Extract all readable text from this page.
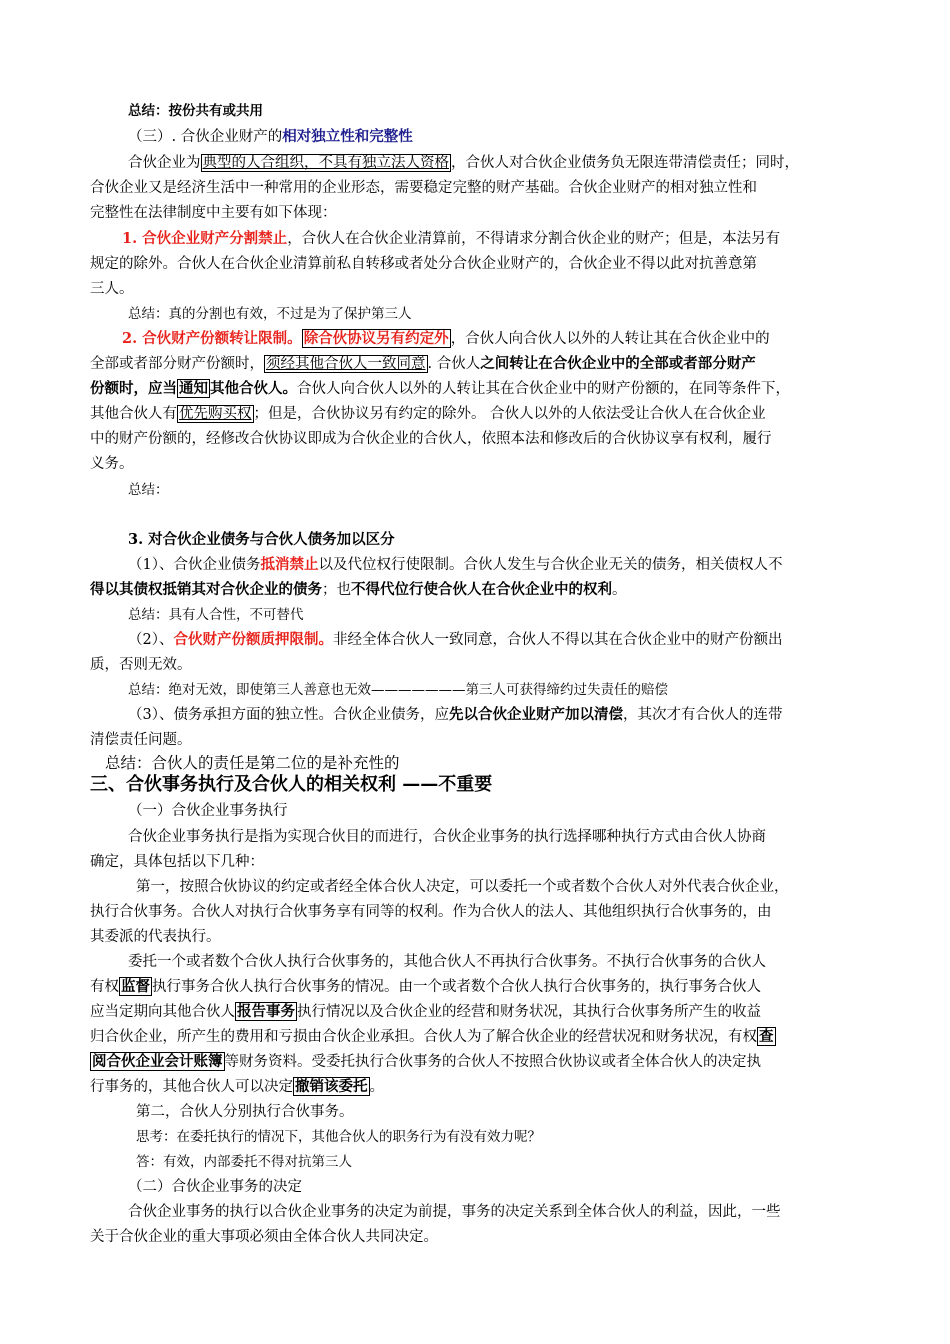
总结：按份共有或共用
（三）. 合伙企业财产的相对独立性和完整性
合伙企业为 典型的人合组织，不具有独立法人资格 ，合伙人对合伙企业债务负无限连带清偿责任；同时，
合伙企业又是经济生活中一种常用的企业形态，需要稳定完整的财产基础。合伙企业财产的相对独立性和
完整性在法律制度中主要有如下体现：
1. 合伙企业财产分割禁止，合伙人在合伙企业清算前，不得请求分割合伙企业的财产；但是，本法另有
规定的除外。合伙人在合伙企业清算前私自转移或者处分合伙企业财产的，合伙企业不得以此对抗善意第
三人。
总结：真的分割也有效，不过是为了保护第三人
2. 合伙财产份额转让限制。 除合伙协议另有约定外 ，合伙人向合伙人以外的人转让其在合伙企业中的
全部或者部分财产份额时， 须经其他合伙人一致同意 . 合伙人之间转让在合伙企业中的全部或者部分财产
份额时，应当 通知 其他合伙人。合伙人向合伙人以外的人转让其在合伙企业中的财产份额的，在同等条件下，
其他合伙人有 优先购买权 ；但是，合伙协议另有约定的除外。 合伙人以外的人依法受让合伙人在合伙企业
中的财产份额的，经修改合伙协议即成为合伙企业的合伙人，依照本法和修改后的合伙协议享有权利，履行
义务。
总结：
3. 对合伙企业债务与合伙人债务加以区分
（1）、合伙企业债务抵消禁止以及代位权行使限制。合伙人发生与合伙企业无关的债务，相关债权人不
得以其债权抵销其对合伙企业的债务；也不得代位行使合伙人在合伙企业中的权利。
总结：具有人合性，不可替代
（2）、合伙财产份额质押限制。非经全体合伙人一致同意，合伙人不得以其在合伙企业中的财产份额出
质，否则无效。
总结：绝对无效，即使第三人善意也无效———————第三人可获得缔约过失责任的赔偿
（3）、债务承担方面的独立性。合伙企业债务，应先以合伙企业财产加以清偿，其次才有合伙人的连带
清偿责任问题。
总结：合伙人的责任是第二位的是补充性的
三、合伙事务执行及合伙人的相关权利 ——不重要
（一）合伙企业事务执行
合伙企业事务执行是指为实现合伙目的而进行，合伙企业事务的执行选择哪种执行方式由合伙人协商
确定，具体包括以下几种：
第一，按照合伙协议的约定或者经全体合伙人决定，可以委托一个或者数个合伙人对外代表合伙企业，
执行合伙事务。合伙人对执行合伙事务享有同等的权利。作为合伙人的法人、其他组织执行合伙事务的，由
其委派的代表执行。
委托一个或者数个合伙人执行合伙事务的，其他合伙人不再执行合伙事务。不执行合伙事务的合伙人
有权 监督 执行事务合伙人执行合伙事务的情况。由一个或者数个合伙人执行合伙事务的，执行事务合伙人
应当定期向其他合伙人 报告事务 执行情况以及合伙企业的经营和财务状况，其执行合伙事务所产生的收益
归合伙企业，所产生的费用和亏损由合伙企业承担。合伙人为了解合伙企业的经营状况和财务状况，有权 查
阅合伙企业会计账簿 等财务资料。受委托执行合伙事务的合伙人不按照合伙协议或者全体合伙人的决定执
行事务的，其他合伙人可以决定 撤销该委托 。
第二，合伙人分别执行合伙事务。
思考：在委托执行的情况下，其他合伙人的职务行为有没有效力呢？
答：有效，内部委托不得对抗第三人
（二）合伙企业事务的决定
合伙企业事务的执行以合伙企业事务的决定为前提，事务的决定关系到全体合伙人的利益，因此，一些
关于合伙企业的重大事项必须由全体合伙人共同决定。
